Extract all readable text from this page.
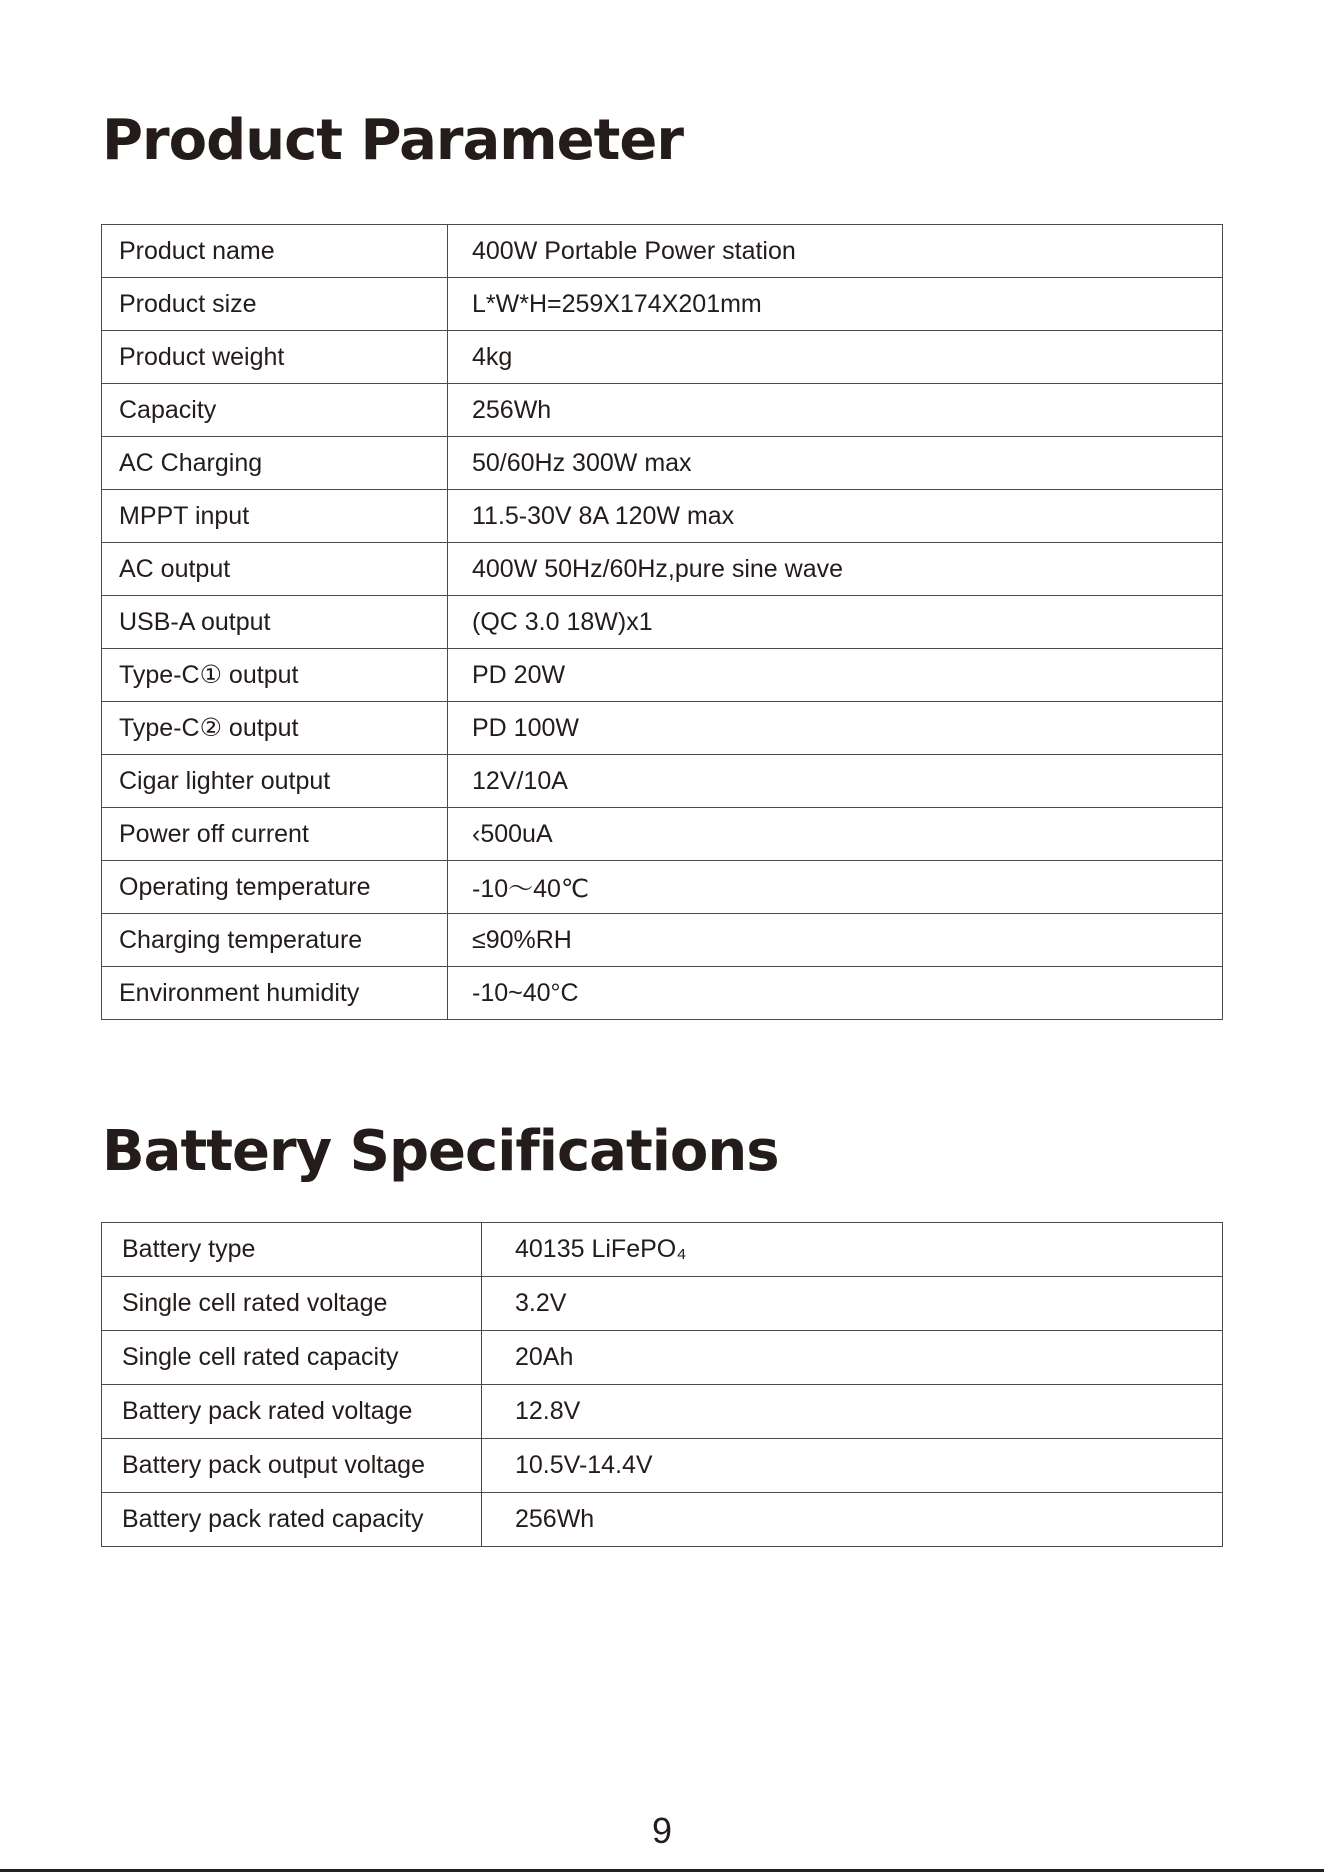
Product Parameter
Product name	400W Portable Power station
Product size	L*W*H=259X174X201mm
Product weight	4kg
Capacity	256Wh
AC Charging	50/60Hz 300W max
MPPT input	11.5-30V 8A 120W max
AC output	400W 50Hz/60Hz,pure sine wave
USB-A output	(QC 3.0 18W)x1
Type-C① output	PD 20W
Type-C② output	PD 100W
Cigar lighter output	12V/10A
Power off current	‹500uA
Operating temperature	-10～40℃
Charging temperature	≤90%RH
Environment humidity	-10~40°C
Battery Specifications
Battery type	40135 LiFePO₄
Single cell rated voltage	3.2V
Single cell rated capacity	20Ah
Battery pack rated voltage	12.8V
Battery pack output voltage	10.5V-14.4V
Battery pack rated capacity	256Wh
9
